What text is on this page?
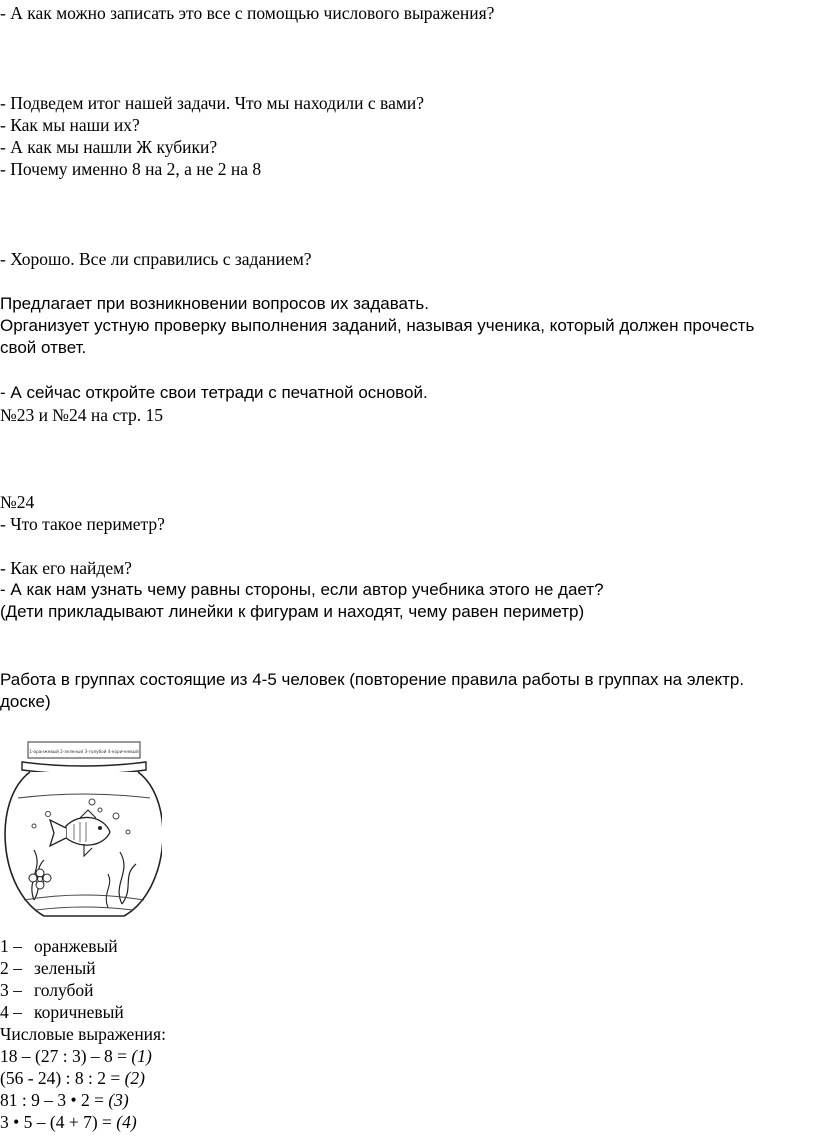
- А как можно записать это все с помощью числового выражения?
- Подведем итог нашей задачи. Что мы находили с вами?
- Как мы наши их?
- А как мы нашли Ж кубики?
- Почему именно 8 на 2, а не 2 на 8
- Хорошо. Все ли справились с заданием?
Предлагает при возникновении вопросов их задавать.
Организует устную проверку выполнения заданий, называя ученика, который должен прочесть
свой ответ.
- А сейчас откройте свои тетради с печатной основой.
№23 и №24 на стр. 15
№24
- Что такое периметр?
- Как его найдем?
- А как нам узнать чему равны стороны, если автор учебника этого не дает?
(Дети прикладывают линейки к фигурам и находят, чему равен периметр)
Работа в группах состоящие из 4-5 человек (повторение правила работы в группах на электр.
доске)
1-оранжевый 2-зеленый 3-голубой 4-коричневый
1 – оранжевый
2 – зеленый
3 – голубой
4 – коричневый
Числовые выражения:
18 – (27 : 3) – 8 = (1)
(56 - 24) : 8 : 2 = (2)
81 : 9 – 3 • 2 = (3)
3 • 5 – (4 + 7) = (4)
